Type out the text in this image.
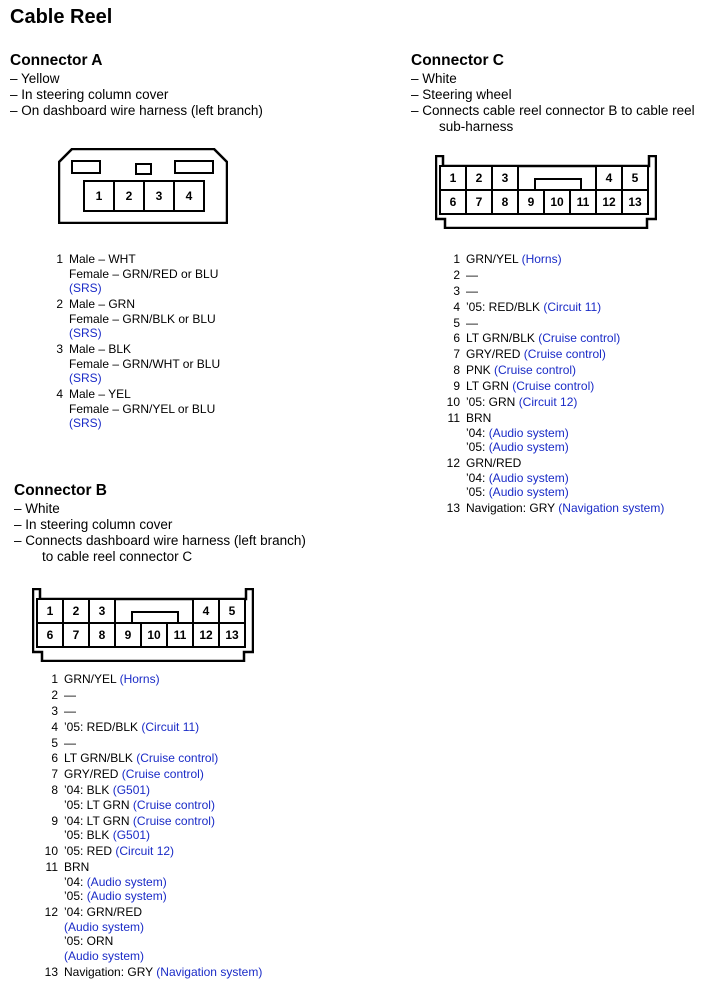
Cable Reel
Connector A
– Yellow
– In steering column cover
– On dashboard wire harness (left branch)
1 2 3 4
1 Male – WHT
Female – GRN/RED or BLU
(SRS)
2 Male – GRN
Female – GRN/BLK or BLU
(SRS)
3 Male – BLK
Female – GRN/WHT or BLU
(SRS)
4 Male – YEL
Female – GRN/YEL or BLU
(SRS)
Connector B
– White
– In steering column cover
– Connects dashboard wire harness (left branch)
to cable reel connector C
1 2 3	4 5
6 7 8 9 10 11 12 13
1 GRN/YEL (Horns)
2 —
3 —
4 ’05: RED/BLK (Circuit 11)
5 —
6 LT GRN/BLK (Cruise control)
7 GRY/RED (Cruise control)
8 ’04: BLK (G501)
’05: LT GRN (Cruise control)
9 ’04: LT GRN (Cruise control)
’05: BLK (G501)
10 ’05: RED (Circuit 12)
11 BRN
’04: (Audio system)
’05: (Audio system)
12 ’04: GRN/RED
(Audio system)
’05: ORN
(Audio system)
13 Navigation: GRY (Navigation system)
Connector C
– White
– Steering wheel
– Connects cable reel connector B to cable reel
sub-harness
1 2 3	4 5
6 7 8 9 10 11 12 13
1 GRN/YEL (Horns)
2 —
3 —
4 ’05: RED/BLK (Circuit 11)
5 —
6 LT GRN/BLK (Cruise control)
7 GRY/RED (Cruise control)
8 PNK (Cruise control)
9 LT GRN (Cruise control)
10 ’05: GRN (Circuit 12)
11 BRN
’04: (Audio system)
’05: (Audio system)
12 GRN/RED
’04: (Audio system)
’05: (Audio system)
13 Navigation: GRY (Navigation system)
